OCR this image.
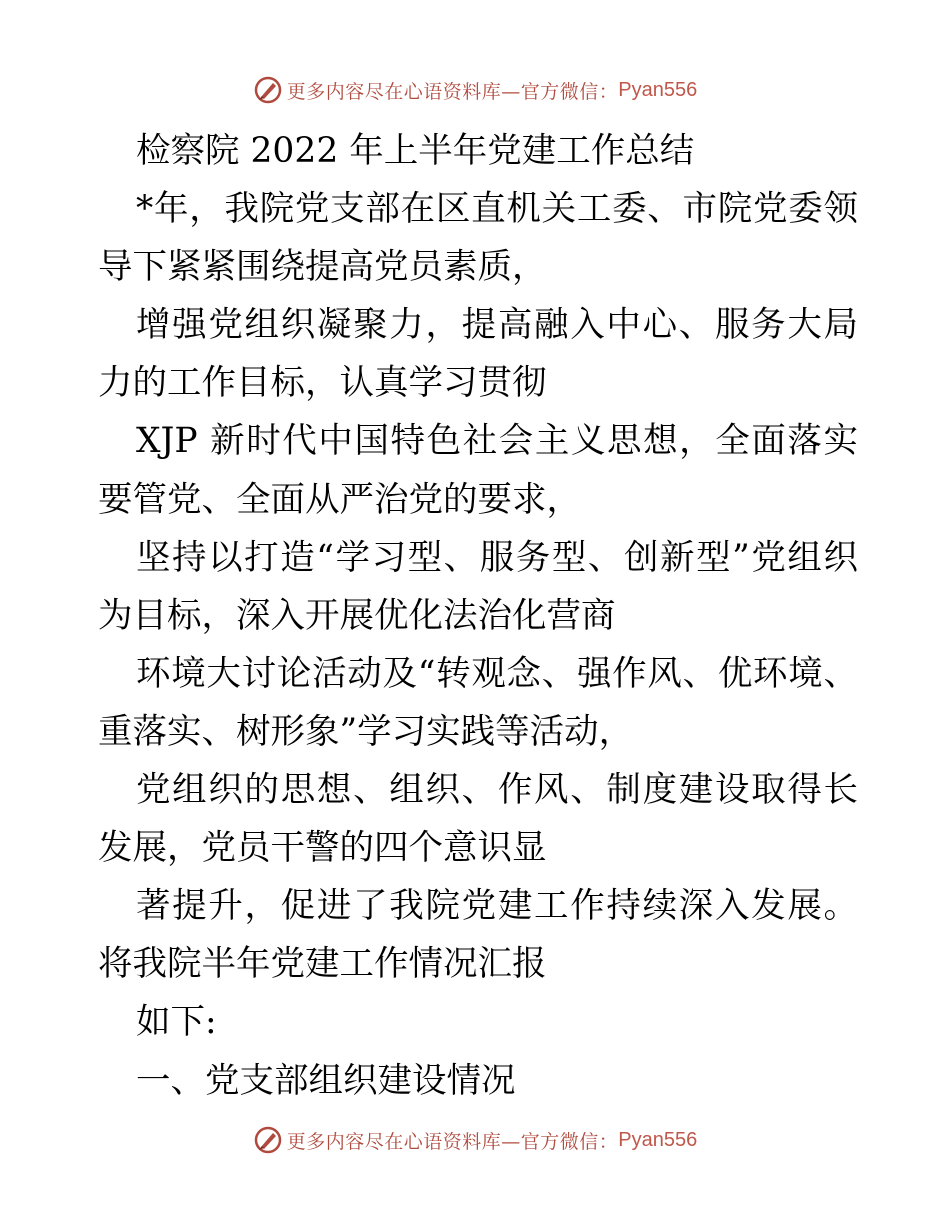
更多内容尽在心语资料库—官方微信： Pyan556
检察院 2022 年上半年党建工作总结
*年，我院党支部在区直机关工委、市院党委领
导下紧紧围绕提高党员素质，
增强党组织凝聚力，提高融入中心、服务大局
力的工作目标，认真学习贯彻
XJP 新时代中国特色社会主义思想，全面落实
要管党、全面从严治党的要求，
坚持以打造“学习型、服务型、创新型”党组织
为目标，深入开展优化法治化营商
环境大讨论活动及“转观念、强作风、优环境、
重落实、树形象”学习实践等活动，
党组织的思想、组织、作风、制度建设取得长
发展，党员干警的四个意识显
著提升，促进了我院党建工作持续深入发展。
将我院半年党建工作情况汇报
如下:
一、党支部组织建设情况
更多内容尽在心语资料库—官方微信： Pyan556
